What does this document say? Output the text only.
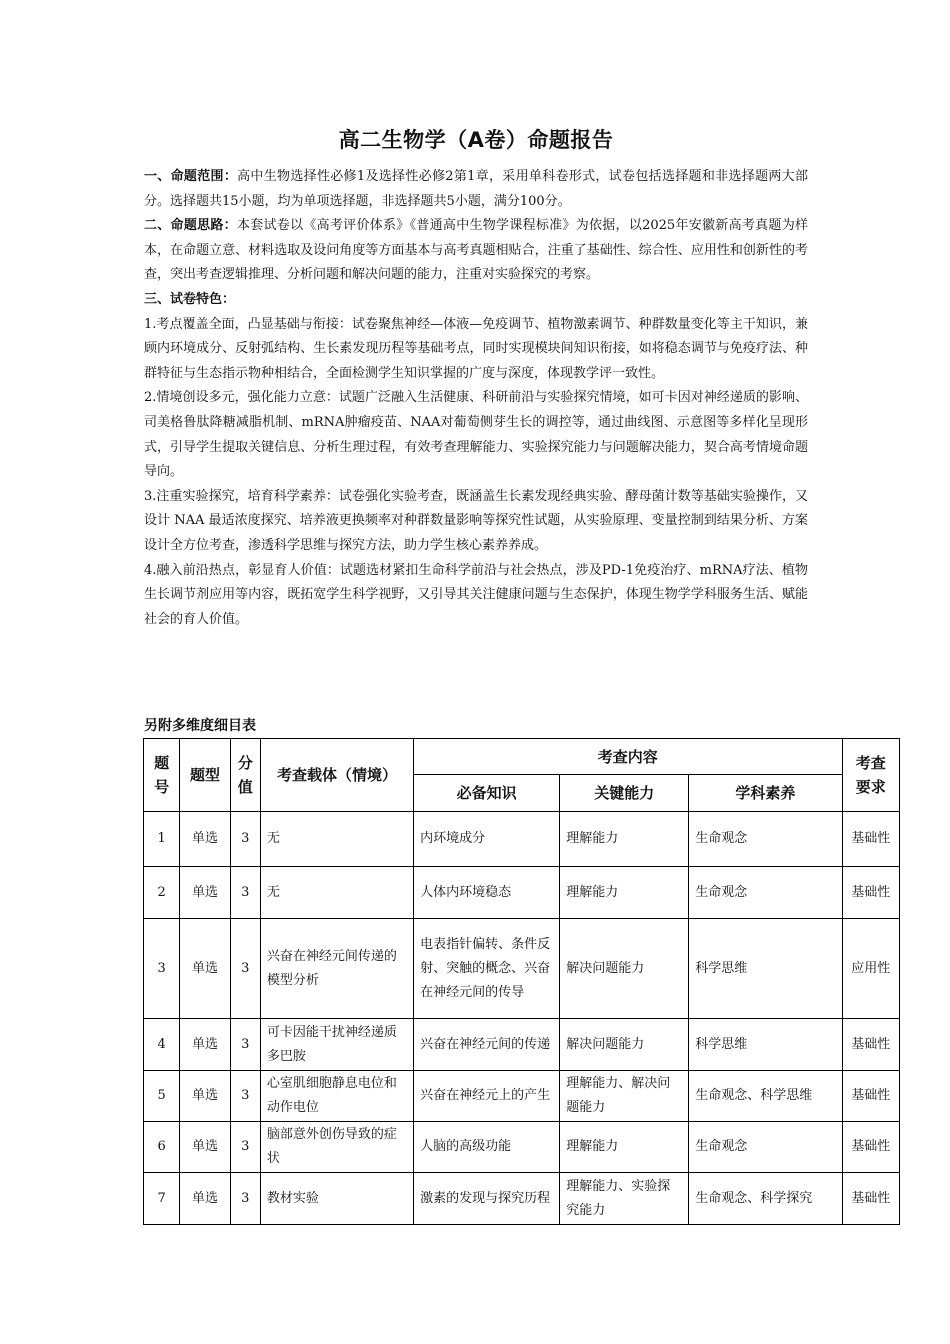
高二生物学（A卷）命题报告

一、命题范围：高中生物选择性必修1及选择性必修2第1章，采用单科卷形式，试卷包括选择题和非选择题两大部分。选择题共15小题，均为单项选择题，非选择题共5小题，满分100分。

二、命题思路：本套试卷以《高考评价体系》《普通高中生物学课程标准》为依据，以2025年安徽新高考真题为样本，在命题立意、材料选取及设问角度等方面基本与高考真题相贴合，注重了基础性、综合性、应用性和创新性的考查，突出考查逻辑推理、分析问题和解决问题的能力，注重对实验探究的考察。

三、试卷特色：

1.考点覆盖全面，凸显基础与衔接：试卷聚焦神经—体液—免疫调节、植物激素调节、种群数量变化等主干知识，兼顾内环境成分、反射弧结构、生长素发现历程等基础考点，同时实现模块间知识衔接，如将稳态调节与免疫疗法、种群特征与生态指示物种相结合，全面检测学生知识掌握的广度与深度，体现教学评一致性。

2.情境创设多元，强化能力立意：试题广泛融入生活健康、科研前沿与实验探究情境，如可卡因对神经递质的影响、司美格鲁肽降糖减脂机制、mRNA肿瘤疫苗、NAA对葡萄侧芽生长的调控等，通过曲线图、示意图等多样化呈现形式，引导学生提取关键信息、分析生理过程，有效考查理解能力、实验探究能力与问题解决能力，契合高考情境命题导向。

3.注重实验探究，培育科学素养：试卷强化实验考查，既涵盖生长素发现经典实验、酵母菌计数等基础实验操作，又设计 NAA 最适浓度探究、培养液更换频率对种群数量影响等探究性试题，从实验原理、变量控制到结果分析、方案设计全方位考查，渗透科学思维与探究方法，助力学生核心素养养成。

4.融入前沿热点，彰显育人价值：试题选材紧扣生命科学前沿与社会热点，涉及PD-1免疫治疗、mRNA疗法、植物生长调节剂应用等内容，既拓宽学生科学视野，又引导其关注健康问题与生态保护，体现生物学学科服务生活、赋能社会的育人价值。

另附多维度细目表
题号	题型	分值	考查载体（情境）	考查内容			考查要求
				必备知识	关键能力	学科素养	
1	单选	3	无	内环境成分	理解能力	生命观念	基础性
2	单选	3	无	人体内环境稳态	理解能力	生命观念	基础性
3	单选	3	兴奋在神经元间传递的模型分析	电表指针偏转、条件反射、突触的概念、兴奋在神经元间的传导	解决问题能力	科学思维	应用性
4	单选	3	可卡因能干扰神经递质多巴胺	兴奋在神经元间的传递	解决问题能力	科学思维	基础性
5	单选	3	心室肌细胞静息电位和动作电位	兴奋在神经元上的产生	理解能力、解决问题能力	生命观念、科学思维	基础性
6	单选	3	脑部意外创伤导致的症状	人脑的高级功能	理解能力	生命观念	基础性
7	单选	3	教材实验	激素的发现与探究历程	理解能力、实验探究能力	生命观念、科学探究	基础性
